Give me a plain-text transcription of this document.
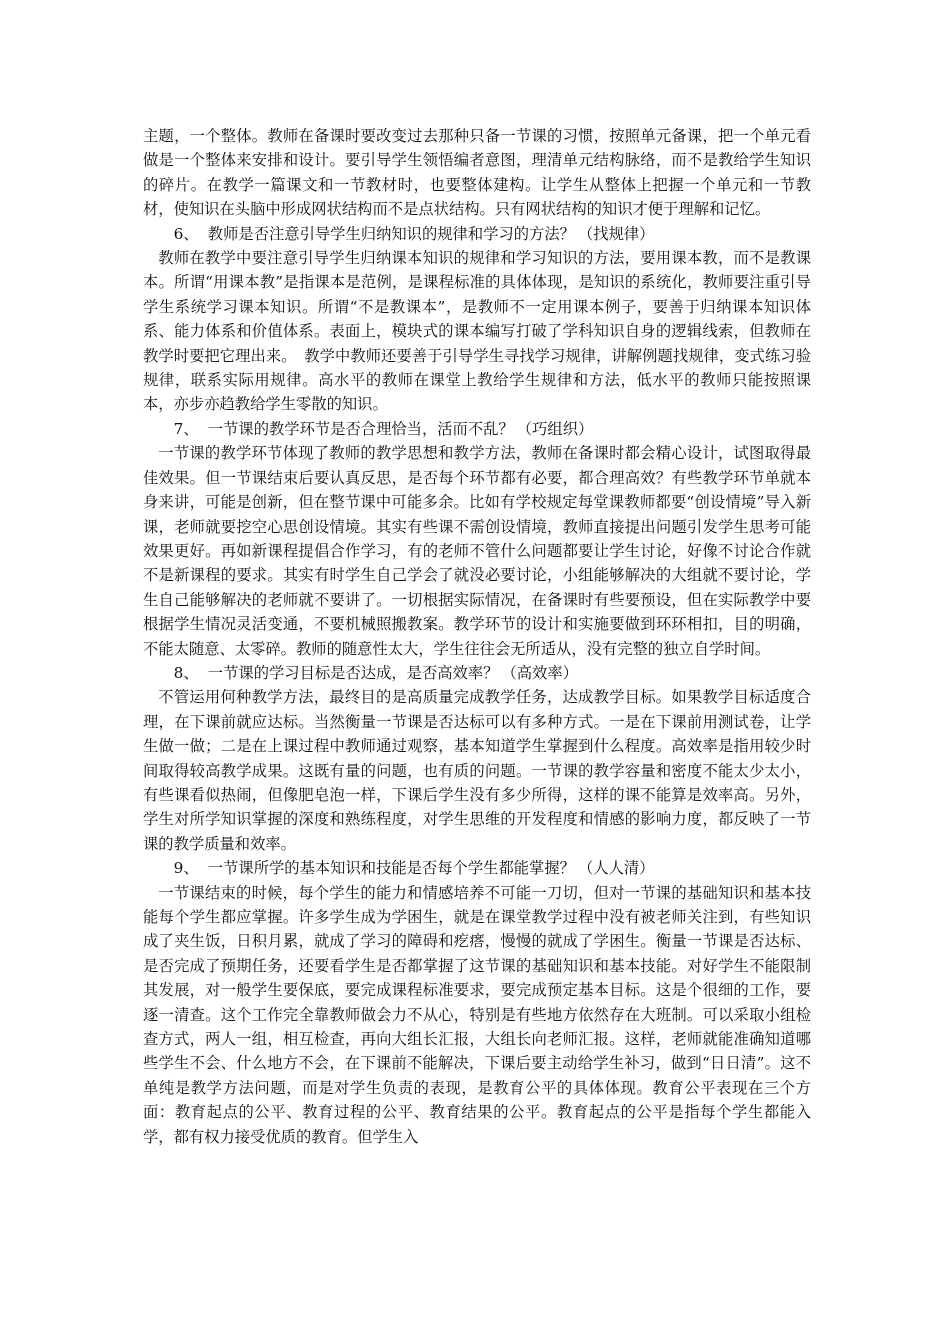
主题，一个整体。教师在备课时要改变过去那种只备一节课的习惯，按照单元备课，把一个单元看做是一个整体来安排和设计。要引导学生领悟编者意图，理清单元结构脉络，而不是教给学生知识的碎片。在教学一篇课文和一节教材时，也要整体建构。让学生从整体上把握一个单元和一节教材，使知识在头脑中形成网状结构而不是点状结构。只有网状结构的知识才便于理解和记忆。

6、 教师是否注意引导学生归纳知识的规律和学习的方法？ （找规律）

教师在教学中要注意引导学生归纳课本知识的规律和学习知识的方法，要用课本教，而不是教课本。所谓“用课本教”是指课本是范例，是课程标准的具体体现，是知识的系统化，教师要注重引导学生系统学习课本知识。所谓“不是教课本”，是教师不一定用课本例子，要善于归纳课本知识体系、能力体系和价值体系。表面上，模块式的课本编写打破了学科知识自身的逻辑线索，但教师在教学时要把它理出来。　教学中教师还要善于引导学生寻找学习规律，讲解例题找规律，变式练习验规律，联系实际用规律。高水平的教师在课堂上教给学生规律和方法，低水平的教师只能按照课本，亦步亦趋教给学生零散的知识。

7、 一节课的教学环节是否合理恰当，活而不乱？ （巧组织）

一节课的教学环节体现了教师的教学思想和教学方法，教师在备课时都会精心设计，试图取得最佳效果。但一节课结束后要认真反思，是否每个环节都有必要，都合理高效？有些教学环节单就本身来讲，可能是创新，但在整节课中可能多余。比如有学校规定每堂课教师都要“创设情境”导入新课，老师就要挖空心思创设情境。其实有些课不需创设情境，教师直接提出问题引发学生思考可能效果更好。再如新课程提倡合作学习，有的老师不管什么问题都要让学生讨论，好像不讨论合作就不是新课程的要求。其实有时学生自己学会了就没必要讨论，小组能够解决的大组就不要讨论，学生自己能够解决的老师就不要讲了。一切根据实际情况，在备课时有些要预设，但在实际教学中要根据学生情况灵活变通，不要机械照搬教案。教学环节的设计和实施要做到环环相扣，目的明确，不能太随意、太零碎。教师的随意性太大，学生往往会无所适从，没有完整的独立自学时间。

8、 一节课的学习目标是否达成，是否高效率？ （高效率）

不管运用何种教学方法，最终目的是高质量完成教学任务，达成教学目标。如果教学目标适度合理，在下课前就应达标。当然衡量一节课是否达标可以有多种方式。一是在下课前用测试卷，让学生做一做；二是在上课过程中教师通过观察，基本知道学生掌握到什么程度。高效率是指用较少时间取得较高教学成果。这既有量的问题，也有质的问题。一节课的教学容量和密度不能太少太小，有些课看似热闹，但像肥皂泡一样，下课后学生没有多少所得，这样的课不能算是效率高。另外，学生对所学知识掌握的深度和熟练程度，对学生思维的开发程度和情感的影响力度，都反映了一节课的教学质量和效率。

9、 一节课所学的基本知识和技能是否每个学生都能掌握？ （人人清）

一节课结束的时候，每个学生的能力和情感培养不可能一刀切，但对一节课的基础知识和基本技能每个学生都应掌握。许多学生成为学困生，就是在课堂教学过程中没有被老师关注到，有些知识成了夹生饭，日积月累，就成了学习的障碍和疙瘩，慢慢的就成了学困生。衡量一节课是否达标、是否完成了预期任务，还要看学生是否都掌握了这节课的基础知识和基本技能。对好学生不能限制其发展，对一般学生要保底，要完成课程标准要求，要完成预定基本目标。这是个很细的工作，要逐一清查。这个工作完全靠教师做会力不从心，特别是有些地方依然存在大班制。可以采取小组检查方式，两人一组，相互检查，再向大组长汇报，大组长向老师汇报。这样，老师就能准确知道哪些学生不会、什么地方不会，在下课前不能解决，下课后要主动给学生补习，做到“日日清”。这不单纯是教学方法问题，而是对学生负责的表现，是教育公平的具体体现。教育公平表现在三个方面：教育起点的公平、教育过程的公平、教育结果的公平。教育起点的公平是指每个学生都能入学，都有权力接受优质的教育。但学生入
